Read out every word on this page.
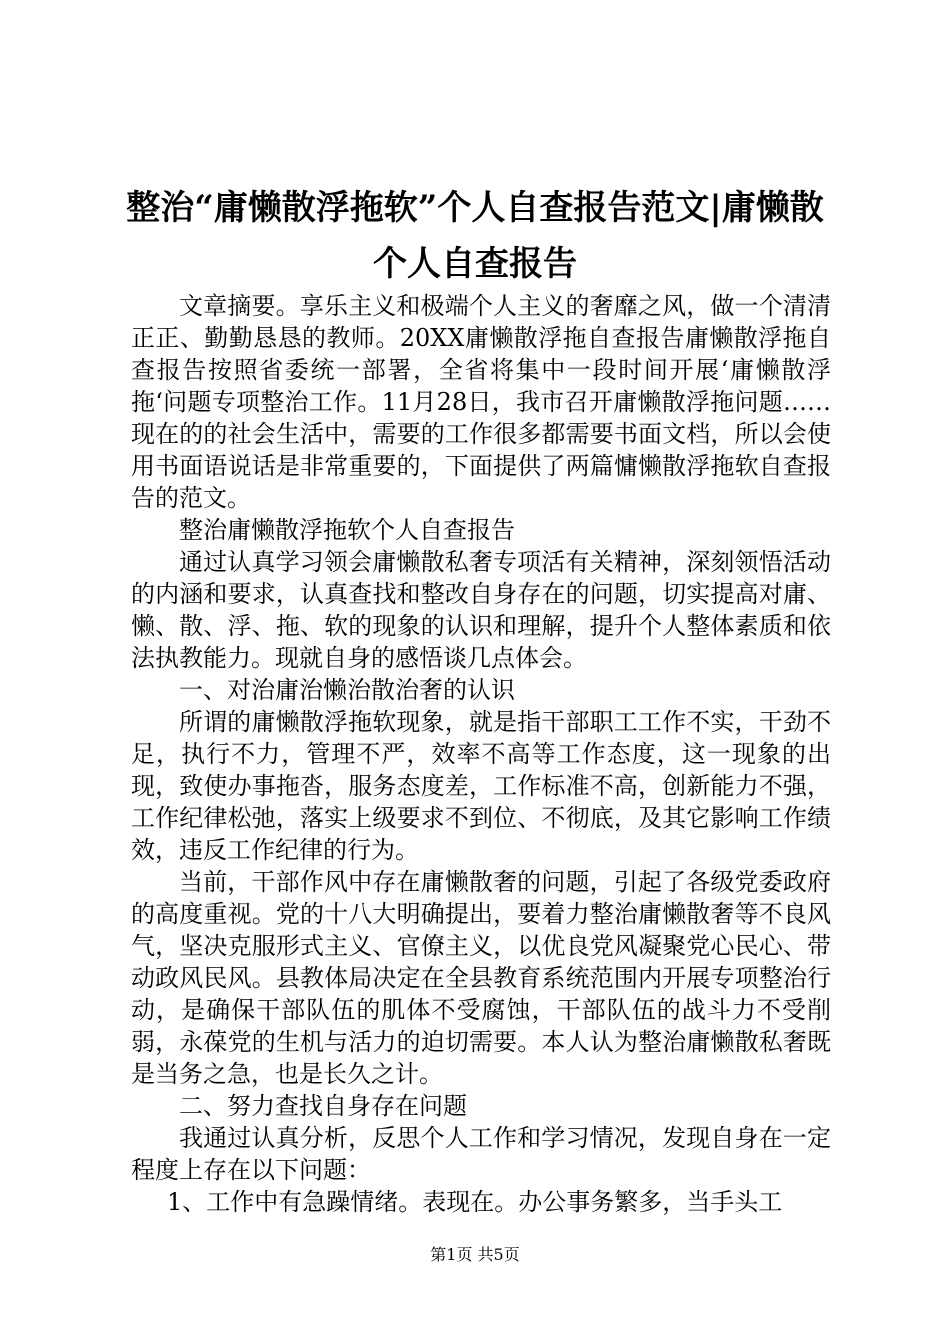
整治“庸懒散浮拖软”个人自查报告范文|庸懒散个人自查报告

文章摘要。享乐主义和极端个人主义的奢靡之风，做一个清清正正、勤勤恳恳的教师。20XX庸懒散浮拖自查报告庸懒散浮拖自查报告按照省委统一部署，全省将集中一段时间开展‘庸懒散浮拖‘问题专项整治工作。11月28日，我市召开庸懒散浮拖问题……现在的的社会生活中，需要的工作很多都需要书面文档，所以会使用书面语说话是非常重要的，下面提供了两篇慵懒散浮拖软自查报告的范文。

整治庸懒散浮拖软个人自查报告

通过认真学习领会庸懒散私奢专项活有关精神，深刻领悟活动的内涵和要求，认真查找和整改自身存在的问题，切实提高对庸、懒、散、浮、拖、软的现象的认识和理解，提升个人整体素质和依法执教能力。现就自身的感悟谈几点体会。

一、对治庸治懒治散治奢的认识

所谓的庸懒散浮拖软现象，就是指干部职工工作不实，干劲不足，执行不力，管理不严，效率不高等工作态度，这一现象的出现，致使办事拖沓，服务态度差，工作标准不高，创新能力不强，工作纪律松弛，落实上级要求不到位、不彻底，及其它影响工作绩效，违反工作纪律的行为。

当前，干部作风中存在庸懒散奢的问题，引起了各级党委政府的高度重视。党的十八大明确提出，要着力整治庸懒散奢等不良风气，坚决克服形式主义、官僚主义，以优良党风凝聚党心民心、带动政风民风。县教体局决定在全县教育系统范围内开展专项整治行动，是确保干部队伍的肌体不受腐蚀，干部队伍的战斗力不受削弱，永葆党的生机与活力的迫切需要。本人认为整治庸懒散私奢既是当务之急，也是长久之计。

二、努力查找自身存在问题

我通过认真分析，反思个人工作和学习情况，发现自身在一定程度上存在以下问题：

1、工作中有急躁情绪。表现在。办公事务繁多，当手头工

第1页 共5页
